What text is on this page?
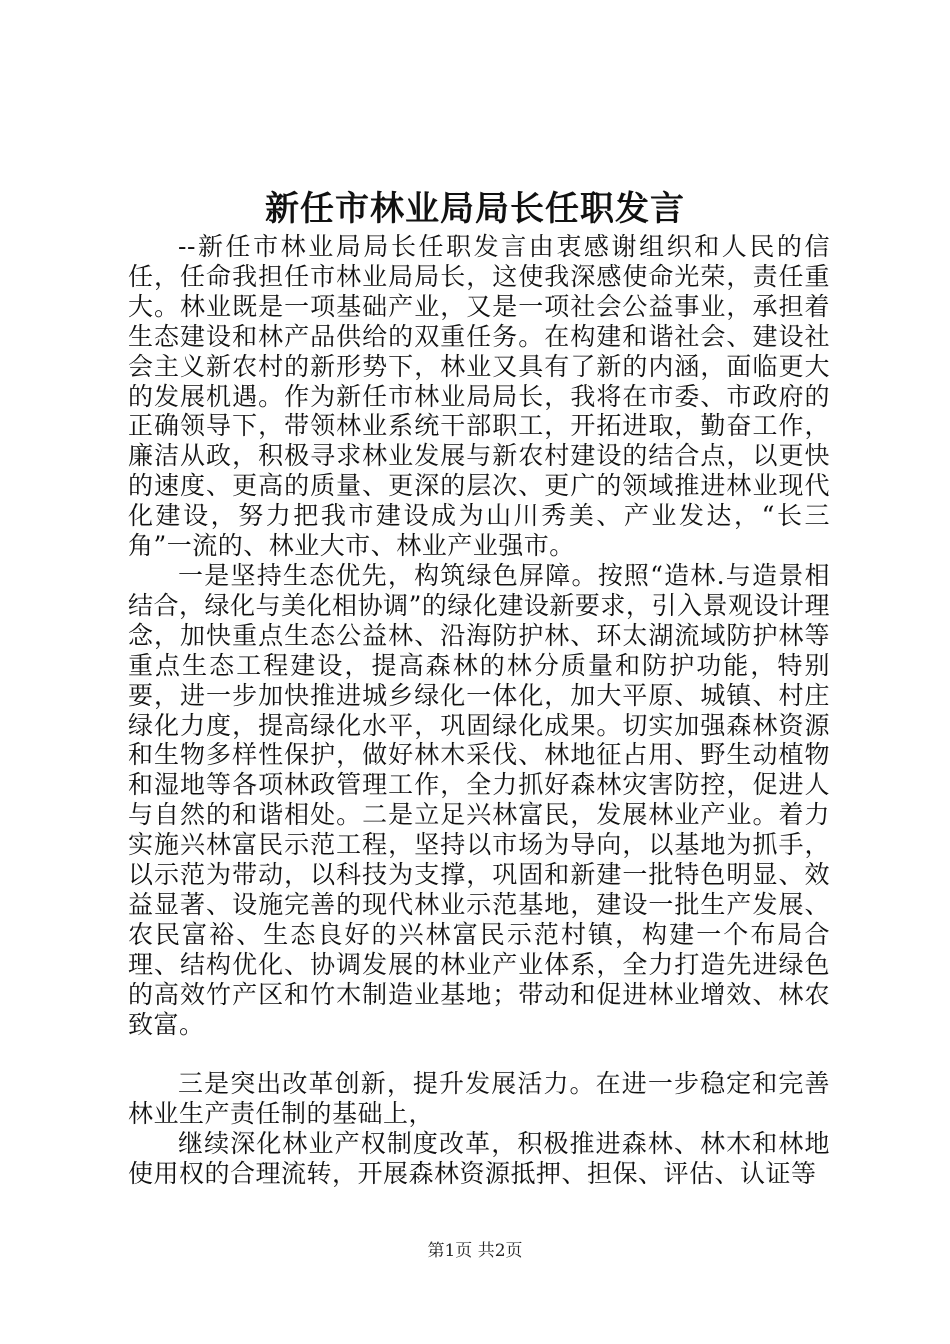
新任市林业局局长任职发言

--新任市林业局局长任职发言由衷感谢组织和人民的信任，任命我担任市林业局局长，这使我深感使命光荣，责任重大。林业既是一项基础产业，又是一项社会公益事业，承担着生态建设和林产品供给的双重任务。在构建和谐社会、建设社会主义新农村的新形势下，林业又具有了新的内涵，面临更大的发展机遇。作为新任市林业局局长，我将在市委、市政府的正确领导下，带领林业系统干部职工，开拓进取，勤奋工作，廉洁从政，积极寻求林业发展与新农村建设的结合点，以更快的速度、更高的质量、更深的层次、更广的领域推进林业现代化建设，努力把我市建设成为山川秀美、产业发达，“长三角”一流的、林业大市、林业产业强市。

一是坚持生态优先，构筑绿色屏障。按照“造林.与造景相结合，绿化与美化相协调”的绿化建设新要求，引入景观设计理念，加快重点生态公益林、沿海防护林、环太湖流域防护林等重点生态工程建设，提高森林的林分质量和防护功能，特别要，进一步加快推进城乡绿化一体化，加大平原、城镇、村庄绿化力度，提高绿化水平，巩固绿化成果。切实加强森林资源和生物多样性保护，做好林木采伐、林地征占用、野生动植物和湿地等各项林政管理工作，全力抓好森林灾害防控，促进人与自然的和谐相处。二是立足兴林富民，发展林业产业。着力实施兴林富民示范工程，坚持以市场为导向，以基地为抓手，以示范为带动，以科技为支撑，巩固和新建一批特色明显、效益显著、设施完善的现代林业示范基地，建设一批生产发展、农民富裕、生态良好的兴林富民示范村镇，构建一个布局合理、结构优化、协调发展的林业产业体系，全力打造先进绿色的高效竹产区和竹木制造业基地；带动和促进林业增效、林农致富。

三是突出改革创新，提升发展活力。在进一步稳定和完善林业生产责任制的基础上，

继续深化林业产权制度改革，积极推进森林、林木和林地使用权的合理流转，开展森林资源抵押、担保、评估、认证等

第1页 共2页
